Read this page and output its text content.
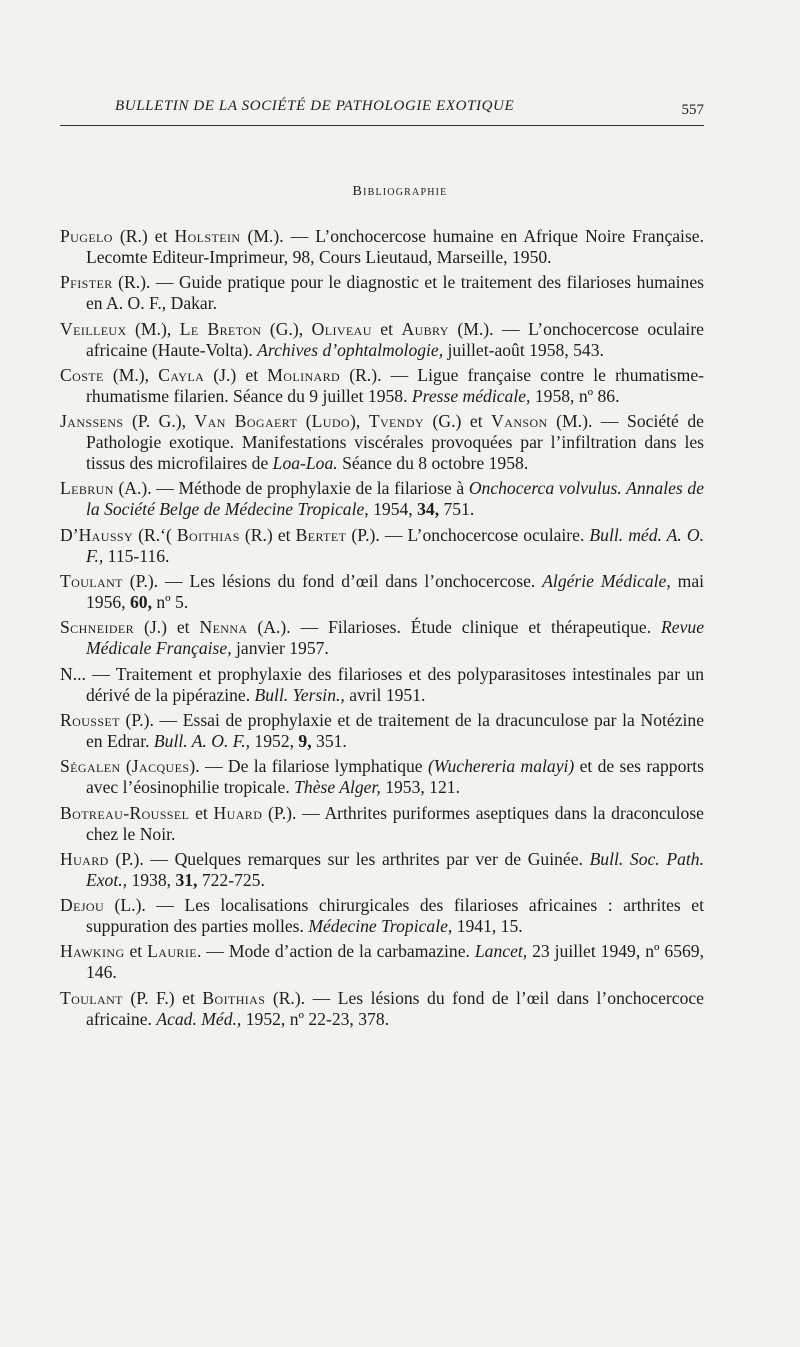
BULLETIN DE LA SOCIÉTÉ DE PATHOLOGIE EXOTIQUE	557
Bibliographie

Pugelo (R.) et Holstein (M.). — L’onchocercose humaine en Afrique Noire Française. Lecomte Editeur-Imprimeur, 98, Cours Lieutaud, Marseille, 1950.

Pfister (R.). — Guide pratique pour le diagnostic et le traitement des filarioses humaines en A. O. F., Dakar.

Veilleux (M.), Le Breton (G.), Oliveau et Aubry (M.). — L’onchocercose oculaire africaine (Haute-Volta). Archives d’ophtalmologie, juillet-août 1958, 543.

Coste (M.), Cayla (J.) et Molinard (R.). — Ligue française contre le rhumatisme-rhumatisme filarien. Séance du 9 juillet 1958. Presse médicale, 1958, nº 86.

Janssens (P. G.), Van Bogaert (Ludo), Tvendy (G.) et Vanson (M.). — Société de Pathologie exotique. Manifestations viscérales provoquées par l’infiltration dans les tissus des microfilaires de Loa-Loa. Séance du 8 octobre 1958.

Lebrun (A.). — Méthode de prophylaxie de la filariose à Onchocerca volvulus. Annales de la Société Belge de Médecine Tropicale, 1954, 34, 751.

D’Haussy (R.‘( Boithias (R.) et Bertet (P.). — L’onchocercose oculaire. Bull. méd. A. O. F., 115-116.

Toulant (P.). — Les lésions du fond d’œil dans l’onchocercose. Algérie Médicale, mai 1956, 60, nº 5.

Schneider (J.) et Nenna (A.). — Filarioses. Étude clinique et thérapeutique. Revue Médicale Française, janvier 1957.

N... — Traitement et prophylaxie des filarioses et des polyparasitoses intestinales par un dérivé de la pipérazine. Bull. Yersin., avril 1951.

Rousset (P.). — Essai de prophylaxie et de traitement de la dracunculose par la Notézine en Edrar. Bull. A. O. F., 1952, 9, 351.

Ségalen (Jacques). — De la filariose lymphatique (Wuchereria malayi) et de ses rapports avec l’éosinophilie tropicale. Thèse Alger, 1953, 121.

Botreau-Roussel et Huard (P.). — Arthrites puriformes aseptiques dans la draconculose chez le Noir.

Huard (P.). — Quelques remarques sur les arthrites par ver de Guinée. Bull. Soc. Path. Exot., 1938, 31, 722-725.

Dejou (L.). — Les localisations chirurgicales des filarioses africaines : arthrites et suppuration des parties molles. Médecine Tropicale, 1941, 15.

Hawking et Laurie. — Mode d’action de la carbamazine. Lancet, 23 juillet 1949, nº 6569, 146.

Toulant (P. F.) et Boithias (R.). — Les lésions du fond de l’œil dans l’onchocercoce africaine. Acad. Méd., 1952, nº 22-23, 378.
